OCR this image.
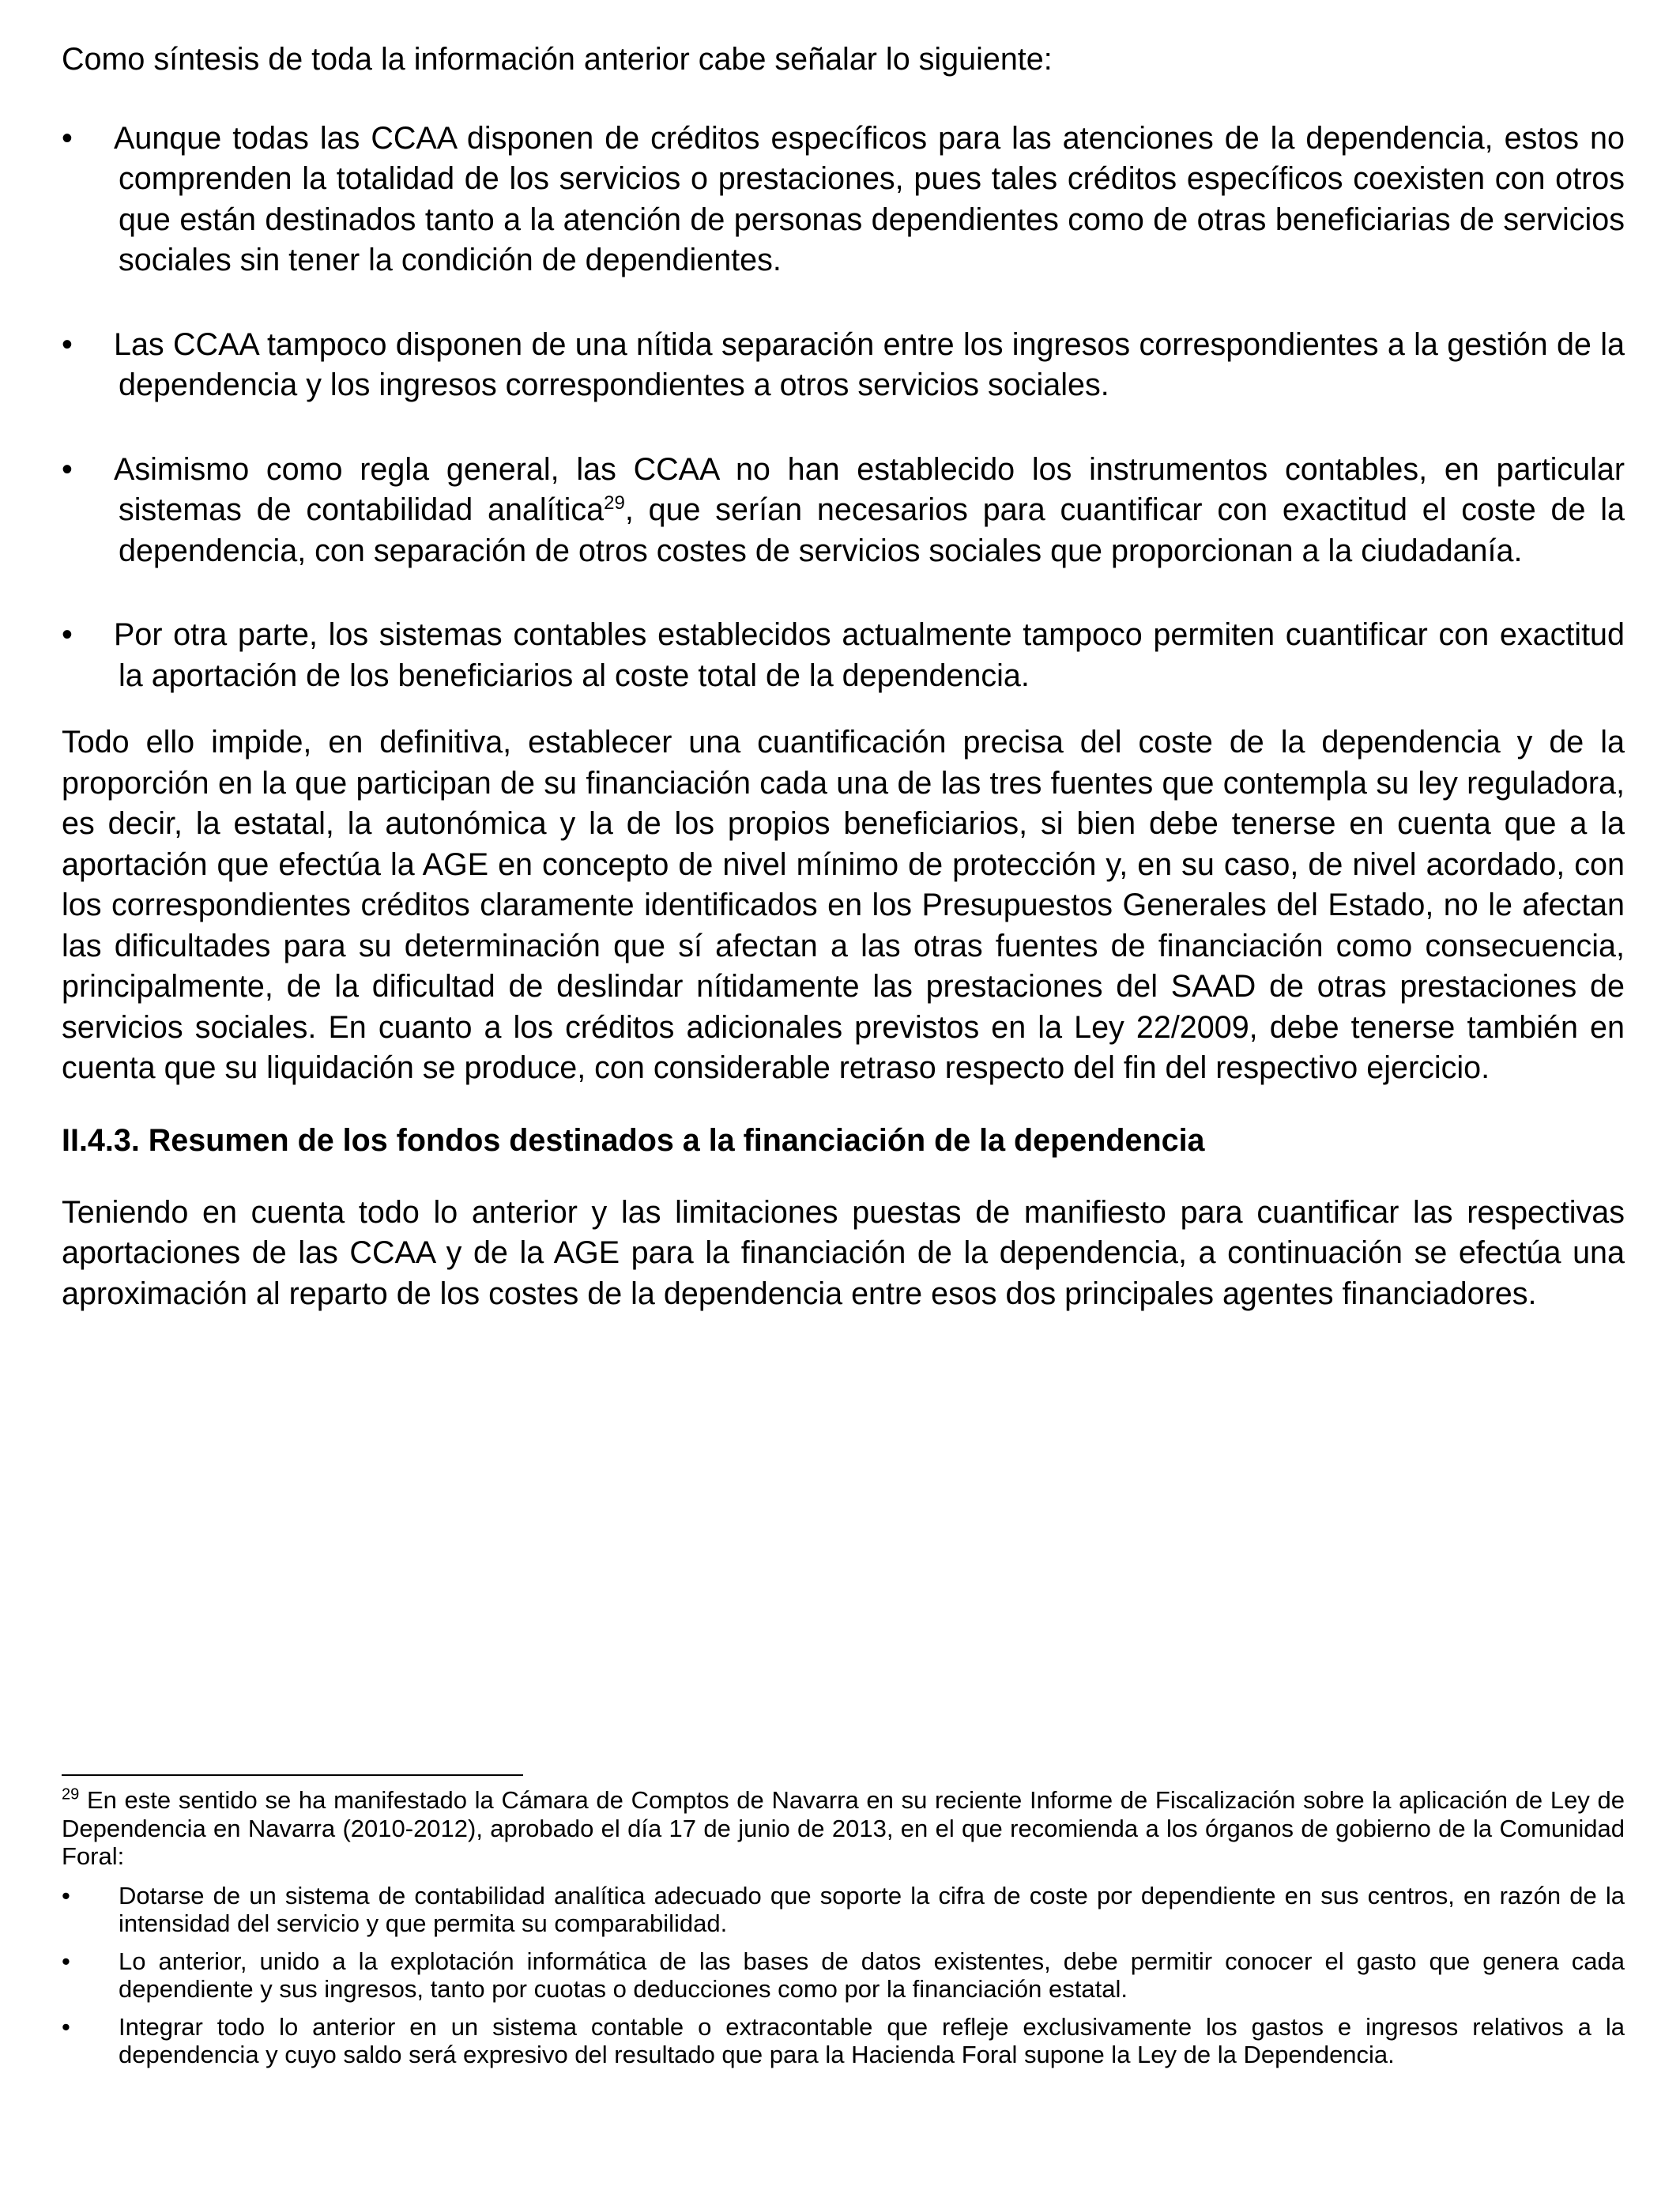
Como síntesis de toda la información anterior cabe señalar lo siguiente:

•	Aunque todas las CCAA disponen de créditos específicos para las atenciones de la dependencia, estos no comprenden la totalidad de los servicios o prestaciones, pues tales créditos específicos coexisten con otros que están destinados tanto a la atención de personas dependientes como de otras beneficiarias de servicios sociales sin tener la condición de dependientes.
•	Las CCAA tampoco disponen de una nítida separación entre los ingresos correspondientes a la gestión de la dependencia y los ingresos correspondientes a otros servicios sociales.
•	Asimismo como regla general, las CCAA no han establecido los instrumentos contables, en particular sistemas de contabilidad analítica$^{29}$, que serían necesarios para cuantificar con exactitud el coste de la dependencia, con separación de otros costes de servicios sociales que proporcionan a la ciudadanía.
•	Por otra parte, los sistemas contables establecidos actualmente tampoco permiten cuantificar con exactitud la aportación de los beneficiarios al coste total de la dependencia.

Todo ello impide, en definitiva, establecer una cuantificación precisa del coste de la dependencia y de la proporción en la que participan de su financiación cada una de las tres fuentes que contempla su ley reguladora, es decir, la estatal, la autonómica y la de los propios beneficiarios, si bien debe tenerse en cuenta que a la aportación que efectúa la AGE en concepto de nivel mínimo de protección y, en su caso, de nivel acordado, con los correspondientes créditos claramente identificados en los Presupuestos Generales del Estado, no le afectan las dificultades para su determinación que sí afectan a las otras fuentes de financiación como consecuencia, principalmente, de la dificultad de deslindar nítidamente las prestaciones del SAAD de otras prestaciones de servicios sociales. En cuanto a los créditos adicionales previstos en la Ley 22/2009, debe tenerse también en cuenta que su liquidación se produce, con considerable retraso respecto del fin del respectivo ejercicio.

II.4.3. Resumen de los fondos destinados a la financiación de la dependencia

Teniendo en cuenta todo lo anterior y las limitaciones puestas de manifiesto para cuantificar las respectivas aportaciones de las CCAA y de la AGE para la financiación de la dependencia, a continuación se efectúa una aproximación al reparto de los costes de la dependencia entre esos dos principales agentes financiadores.

$^{29}$ En este sentido se ha manifestado la Cámara de Comptos de Navarra en su reciente Informe de Fiscalización sobre la aplicación de Ley de Dependencia en Navarra (2010-2012), aprobado el día 17 de junio de 2013, en el que recomienda a los órganos de gobierno de la Comunidad Foral:

• Dotarse de un sistema de contabilidad analítica adecuado que soporte la cifra de coste por dependiente en sus centros, en razón de la intensidad del servicio y que permita su comparabilidad.
• Lo anterior, unido a la explotación informática de las bases de datos existentes, debe permitir conocer el gasto que genera cada dependiente y sus ingresos, tanto por cuotas o deducciones como por la financiación estatal.
• Integrar todo lo anterior en un sistema contable o extracontable que refleje exclusivamente los gastos e ingresos relativos a la dependencia y cuyo saldo será expresivo del resultado que para la Hacienda Foral supone la Ley de la Dependencia.
